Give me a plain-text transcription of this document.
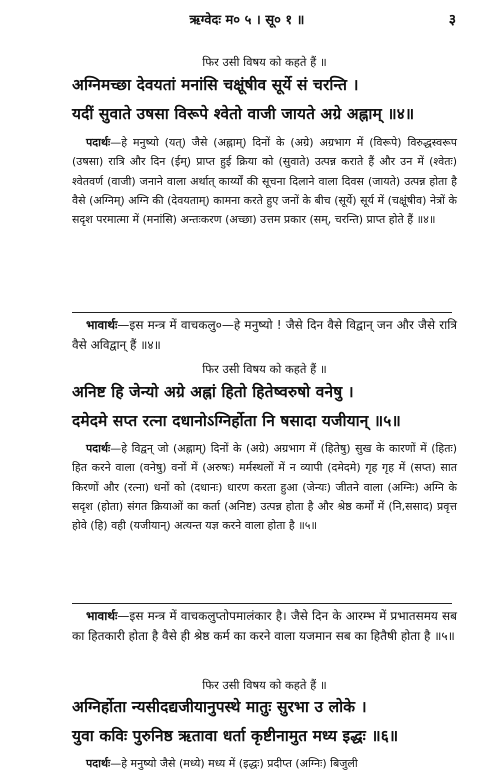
ऋग्वेदः म० ५ । सू० १ ॥	३
फिर उसी विषय को कहते हैं ॥
अग्निमच्छा देवयतां मनांसि चक्षूंषीव सूर्ये सं चरन्ति ।
यदीं सुवाते उषसा विरूपे श्वेतो वाजी जायते अग्रे अह्नाम् ॥४॥
पदार्थः—हे मनुष्यो (यत्) जैसे (अह्नाम्) दिनों के (अग्रे) अग्रभाग में (विरूपे) विरुद्धस्वरूप (उषसा) रात्रि और दिन (ईम्) प्राप्त हुई क्रिया को (सुवाते) उत्पन्न कराते हैं और उन में (श्वेतः) श्वेतवर्ण (वाजी) जनाने वाला अर्थात् कार्य्यों की सूचना दिलाने वाला दिवस (जायते) उत्पन्न होता है वैसे (अग्निम्) अग्नि की (देवयताम्) कामना करते हुए जनों के बीच (सूर्ये) सूर्य में (चक्षूंषीव) नेत्रों के सदृश परमात्मा में (मनांसि) अन्तःकरण (अच्छा) उत्तम प्रकार (सम्, चरन्ति) प्राप्त होते हैं ॥४॥
भावार्थः—इस मन्त्र में वाचकलु०—हे मनुष्यो ! जैसे दिन वैसे विद्वान् जन और जैसे रात्रि वैसे अविद्वान् हैं ॥४॥
फिर उसी विषय को कहते हैं ॥
अनिष्ट हि जेन्यो अग्रे अह्नां हितो हितेष्वरुषो वनेषु ।
दमेदमे सप्त रत्ना दधानोऽग्निर्होता नि षसादा यजीयान् ॥५॥
पदार्थः—हे विद्वन् जो (अह्नाम्) दिनों के (अग्रे) अग्रभाग में (हितेषु) सुख के कारणों में (हितः) हित करने वाला (वनेषु) वनों में (अरुषः) मर्मस्थलों में न व्यापी (दमेदमे) गृह गृह में (सप्त) सात किरणों और (रत्ना) धनों को (दधानः) धारण करता हुआ (जेन्यः) जीतने वाला (अग्निः) अग्नि के सदृश (होता) संगत क्रियाओं का कर्ता (अनिष्ट) उत्पन्न होता है और श्रेष्ठ कर्मों में (नि,ससाद) प्रवृत्त होवे (हि) वही (यजीयान्) अत्यन्त यज्ञ करने वाला होता है ॥५॥
भावार्थः—इस मन्त्र में वाचकलुप्तोपमालंकार है। जैसे दिन के आरम्भ में प्रभातसमय सब का हितकारी होता है वैसे ही श्रेष्ठ कर्म का करने वाला यजमान सब का हितैषी होता है ॥५॥
फिर उसी विषय को कहते हैं ॥
अग्निर्होता न्यसीदद्यजीयानुपस्थे मातुः सुरभा उ लोके ।
युवा कविः पुरुनिष्ठ ऋतावा धर्ता कृष्टीनामुत मध्य इद्धः ॥६॥
पदार्थः—हे मनुष्यो जैसे (मध्ये) मध्य में (इद्धः) प्रदीप्त (अग्निः) बिजुली
